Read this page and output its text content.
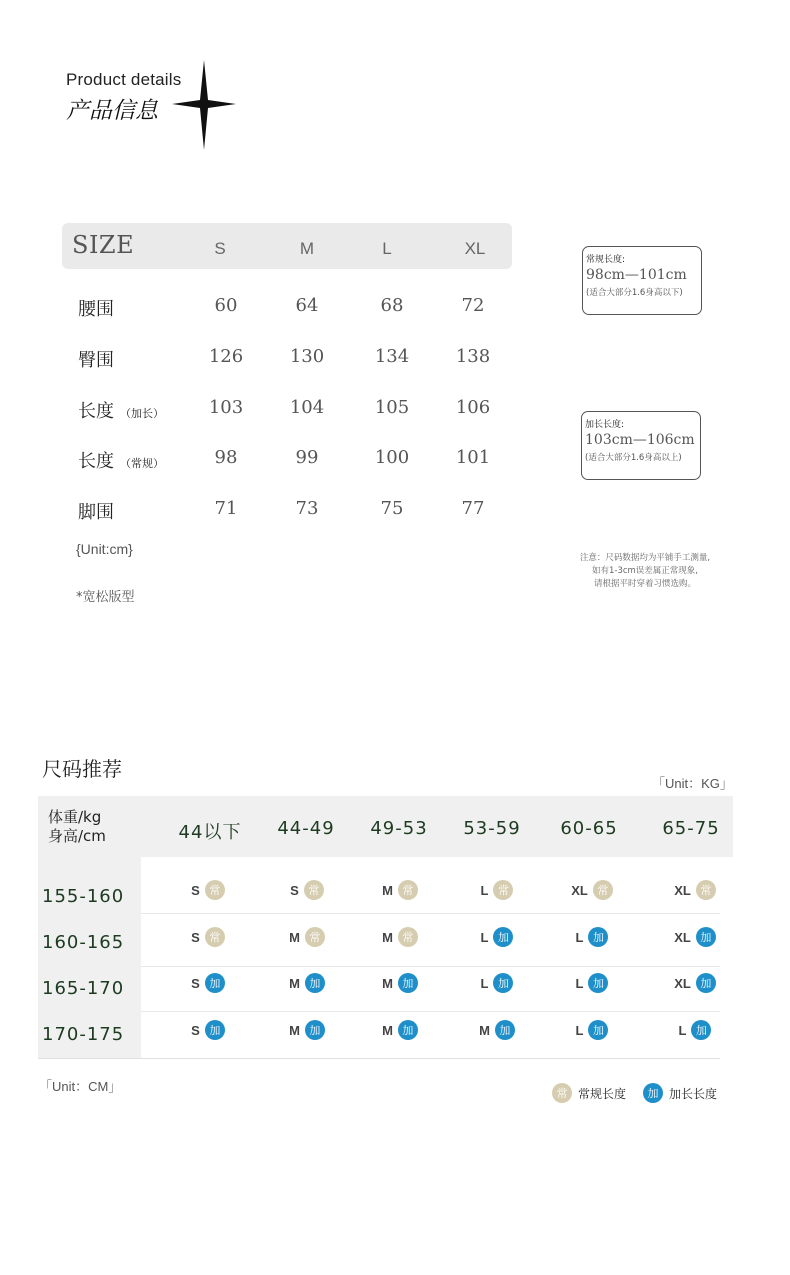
Product details
产品信息
SIZE	S	M	L	XL
腰围	60	64	68	72
臀围	126	130	134	138
长度 （加长）	103	104	105	106
长度 （常规）	98	99	100	101
脚围	71	73	75	77
{Unit:cm}
*宽松版型
常规长度:
98cm—101cm
(适合大部分1.6身高以下)
加长长度:
103cm—106cm
(适合大部分1.6身高以上)
注意：尺码数据均为平铺手工测量,
如有1-3cm误差属正常现象,
请根据平时穿着习惯选购。
尺码推荐
「Unit：KG」
体重/kg
身高/cm	44以下	44-49	49-53	53-59	60-65	65-75
155-160	S 常	S 常	M 常	L 常	XL 常	XL 常
160-165	S 常	M 常	M 常	L 加	L 加	XL 加
165-170	S 加	M 加	M 加	L 加	L 加	XL 加
170-175	S 加	M 加	M 加	M 加	L 加	L 加
「Unit：CM」	常 常规长度	加 加长长度
